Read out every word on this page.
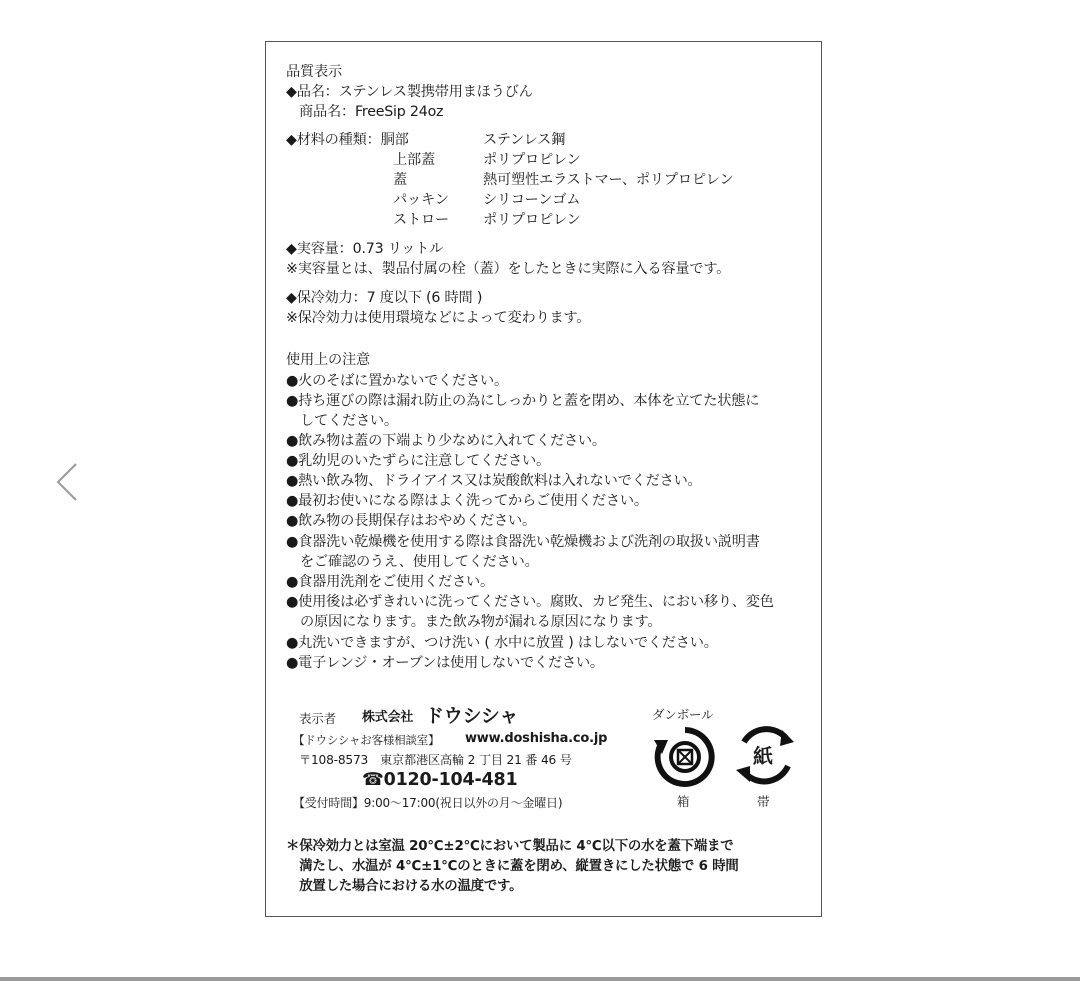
品質表示
◆品名：ステンレス製携帯用まほうびん
商品名：FreeSip 24oz
◆材料の種類：胴部	ステンレス鋼
上部蓋	ポリプロピレン
蓋	熱可塑性エラストマー、ポリプロピレン
パッキン シリコーンゴム
ストロー ポリプロピレン
◆実容量：0.73 リットル
※実容量とは、製品付属の栓（蓋）をしたときに実際に入る容量です。
◆保冷効力：7 度以下 (6 時間 )
※保冷効力は使用環境などによって変わります。
使用上の注意
●火のそばに置かないでください。
●持ち運びの際は漏れ防止の為にしっかりと蓋を閉め、本体を立てた状態に
　してください。
●飲み物は蓋の下端より少なめに入れてください。
●乳幼児のいたずらに注意してください。
●熱い飲み物、ドライアイス又は炭酸飲料は入れないでください。
●最初お使いになる際はよく洗ってからご使用ください。
●飲み物の長期保存はおやめください。
●食器洗い乾燥機を使用する際は食器洗い乾燥機および洗剤の取扱い説明書
　をご確認のうえ、使用してください。
●食器用洗剤をご使用ください。
●使用後は必ずきれいに洗ってください。腐敗、カビ発生、におい移り、変色
　の原因になります。また飲み物が漏れる原因になります。
●丸洗いできますが、つけ洗い ( 水中に放置 ) はしないでください。
●電子レンジ・オーブンは使用しないでください。
表示者 株式会社 ドウシシャ
【ドウシシャお客様相談室】 www.doshisha.co.jp
〒108-8573　東京都港区高輪 2 丁目 21 番 46 号
☎0120-104-481
【受付時間】9:00～17:00(祝日以外の月～金曜日)
ダンボール
箱
紙
帯
＊保冷効力とは室温 20℃±2℃において製品に 4℃以下の水を蓋下端まで
　満たし、水温が 4℃±1℃のときに蓋を閉め、縦置きにした状態で 6 時間
　放置した場合における水の温度です。
